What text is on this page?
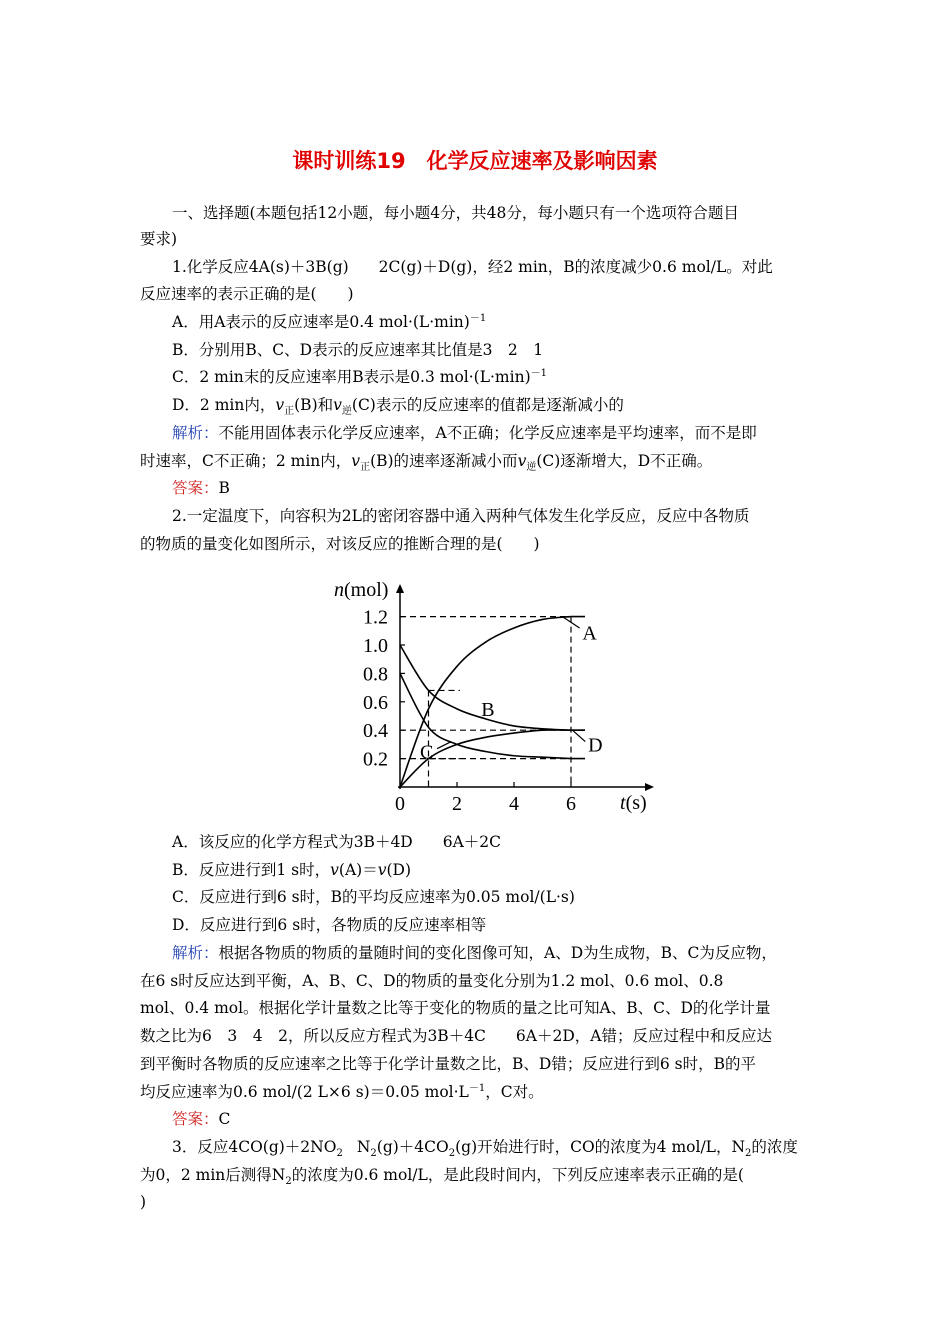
课时训练19　化学反应速率及影响因素
一、选择题(本题包括12小题，每小题4分，共48分，每小题只有一个选项符合题目
要求)
1.化学反应4A(s)＋3B(g) 2C(g)＋D(g)，经2 min，B的浓度减少0.6 mol/L。对此
反应速率的表示正确的是(　　)
A．用A表示的反应速率是0.4 $mol\cdot(L\cdot\min)^{-1}$
B．分别用B、C、D表示的反应速率其比值是3　2　1
C．2 min末的反应速率用B表示是0.3 $mol\cdot(L\cdot\min)^{-1}$
D．2 min内，$v_正(B)$和$v_逆(C)$表示的反应速率的值都是逐渐减小的
解析：不能用固体表示化学反应速率，A不正确；化学反应速率是平均速率，而不是即
时速率，C不正确；2 min内，$v_正(B)$的速率逐渐减小而$v_逆(C)$逐渐增大，D不正确。
答案：B
2.一定温度下，向容积为2L的密闭容器中通入两种气体发生化学反应，反应中各物质
的物质的量变化如图所示，对该反应的推断合理的是(　　)
n(mol)
t(s)
1.2
1.0
0.8
0.6
0.4
0.2
0 2 4 6
A
B
C	D
A．该反应的化学方程式为3B＋4D 6A＋2C
B．反应进行到1 s时，v(A)＝v(D)
C．反应进行到6 s时，B的平均反应速率为0.05 mol/(L·s)
D．反应进行到6 s时，各物质的反应速率相等
解析：根据各物质的物质的量随时间的变化图像可知，A、D为生成物，B、C为反应物，
在6 s时反应达到平衡，A、B、C、D的物质的量变化分别为1.2 mol、0.6 mol、0.8
mol、0.4 mol。根据化学计量数之比等于变化的物质的量之比可知A、B、C、D的化学计量
数之比为6　3　4　2，所以反应方程式为3B＋4C 6A＋2D，A错；反应过程中和反应达
到平衡时各物质的反应速率之比等于化学计量数之比，B、D错；反应进行到6 s时，B的平
均反应速率为0.6 mol/(2 L×6 s)＝0.05 $mol\cdot L^{-1}$，C对。
答案：C
3．反应$4CO(g)+2NO_2$ $N_2(g)+4CO_2(g)$开始进行时，CO的浓度为4 mol/L，$N_2$的浓度
为0，2 min后测得$N_2$的浓度为0.6 mol/L，是此段时间内，下列反应速率表示正确的是(
)
